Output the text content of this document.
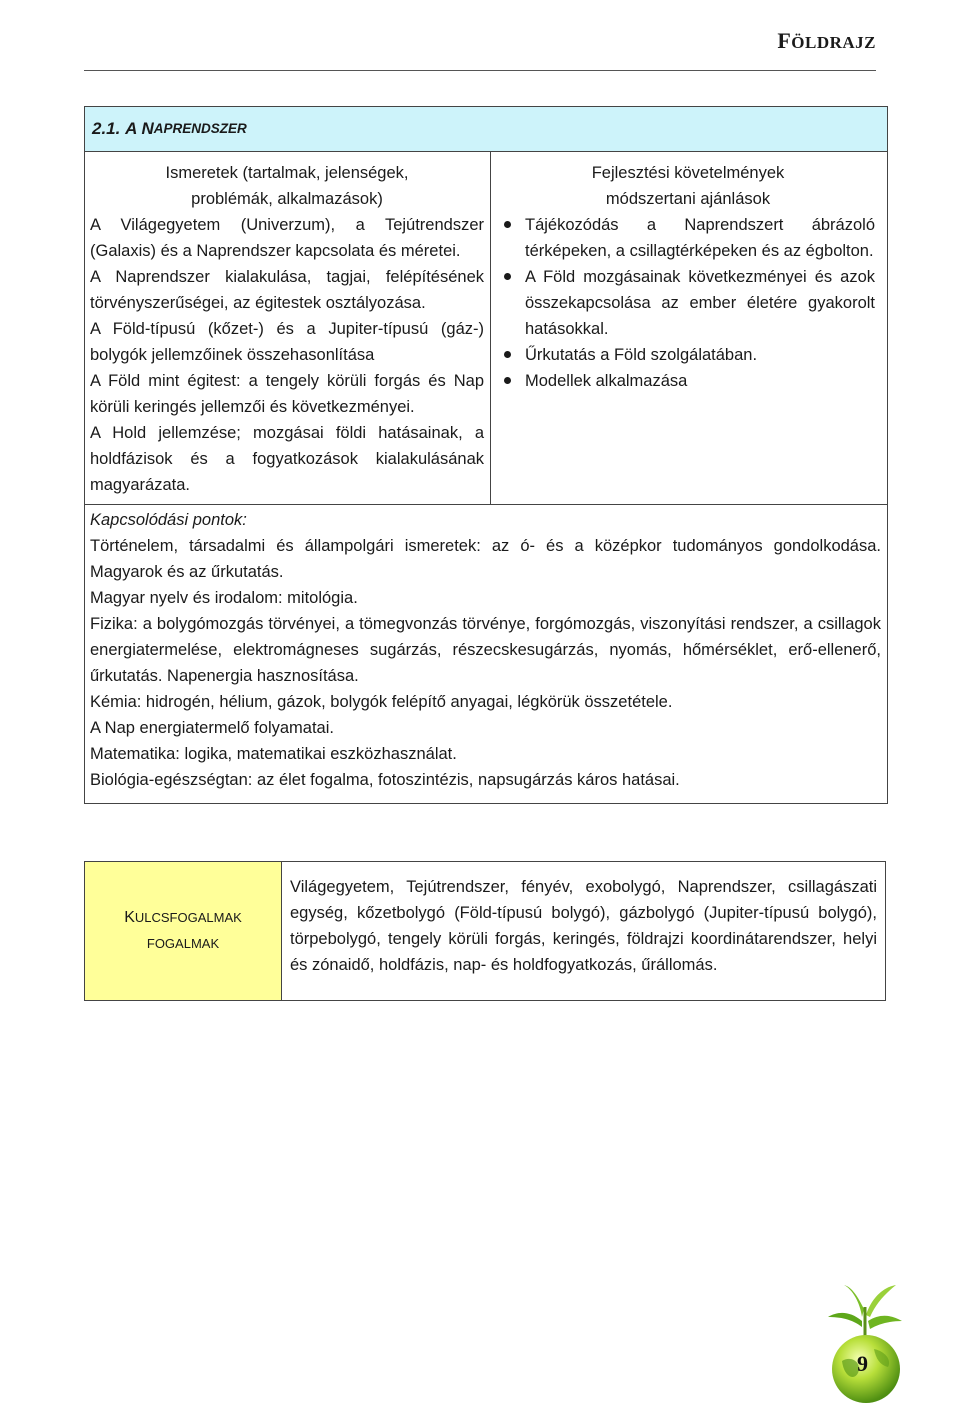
FÖLDRAJZ
2.1.
A N APRENDSZER
Ismeretek (tartalmak, jelenségek,
problémák, alkalmazások)

A Világegyetem (Univerzum), a Tejútrendszer (Galaxis) és a Naprendszer kapcsolata és méretei.

A Naprendszer kialakulása, tagjai, felépítésének törvényszerűségei, az égitestek osztályozása.

A Föld-típusú (kőzet-) és a Jupiter-típusú (gáz-) bolygók jellemzőinek összehasonlítása

A Föld mint égitest: a tengely körüli forgás és Nap körüli keringés jellemzői és következményei.

A Hold jellemzése; mozgásai földi hatásainak, a holdfázisok és a fogyatkozások kialakulásának magyarázata.

Fejlesztési követelmények
módszertani ajánlások
Tájékozódás a Naprendszert ábrázoló térképeken, a csillagtérképeken és az égbolton.
A Föld mozgásainak következményei és azok összekapcsolása az ember életére gyakorolt hatásokkal.
Űrkutatás a Föld szolgálatában.
Modellek alkalmazása

Kapcsolódási pontok:

Történelem, társadalmi és állampolgári ismeretek: az ó- és a középkor tudományos gondolkodása. Magyarok és az űrkutatás.

Magyar nyelv és irodalom: mitológia.

Fizika: a bolygómozgás törvényei, a tömegvonzás törvénye, forgómozgás, viszonyítási rendszer, a csillagok energiatermelése, elektromágneses sugárzás, részecskesugárzás, nyomás, hőmérséklet, erő-ellenerő, űrkutatás. Napenergia hasznosítása.

Kémia: hidrogén, hélium, gázok, bolygók felépítő anyagai, légkörük összetétele.

A Nap energiatermelő folyamatai.

Matematika: logika, matematikai eszközhasználat.

Biológia-egészségtan: az élet fogalma, fotoszintézis, napsugárzás káros hatásai.

KULCSFOGALMAK
FOGALMAK
Világegyetem, Tejútrendszer, fényév, exobolygó, Naprendszer, csillagászati egység, kőzetbolygó (Föld-típusú bolygó), gázbolygó (Jupiter-típusú bolygó), törpebolygó, tengely körüli forgás, keringés, földrajzi koordinátarendszer, helyi és zónaidő, holdfázis, nap- és holdfogyatkozás, űrállomás.
9
